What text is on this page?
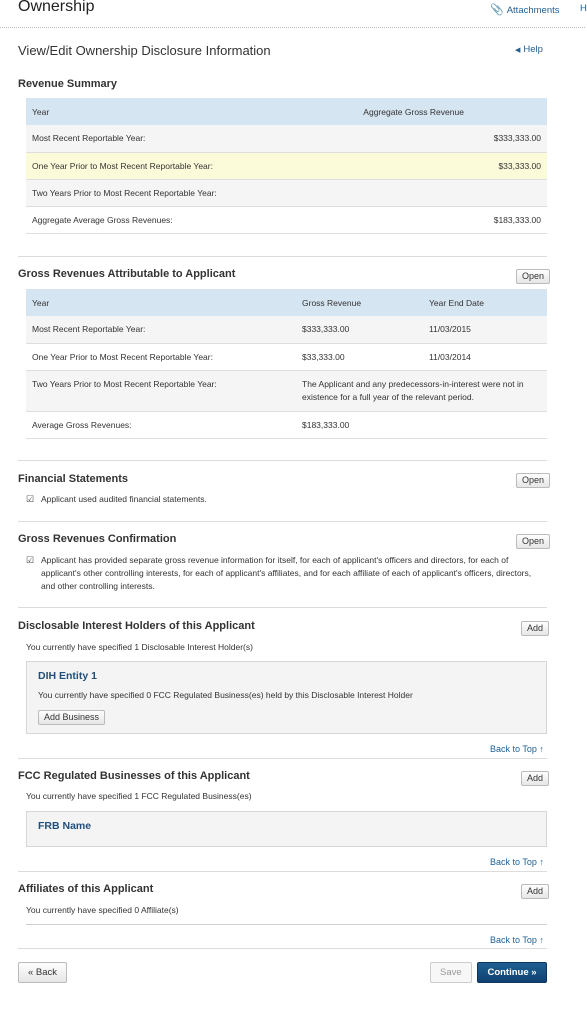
Ownership	📎 Attachments H
View/Edit Ownership Disclosure Information	◀ Help
Revenue Summary
Year	Aggregate Gross Revenue
Most Recent Reportable Year:	$333,333.00
One Year Prior to Most Recent Reportable Year:	$33,333.00
Two Years Prior to Most Recent Reportable Year:	
Aggregate Average Gross Revenues:	$183,333.00
Gross Revenues Attributable to Applicant	Open
Year	Gross Revenue	Year End Date
Most Recent Reportable Year:	$333,333.00	11/03/2015
One Year Prior to Most Recent Reportable Year:	$33,333.00	11/03/2014
Two Years Prior to Most Recent Reportable Year:	The Applicant and any predecessors-in-interest were not in existence for a full year of the relevant period.	
Average Gross Revenues:	$183,333.00	
Financial Statements	Open
☑ Applicant used audited financial statements.
Gross Revenues Confirmation	Open
☑ Applicant has provided separate gross revenue information for itself, for each of applicant's officers and directors, for each of applicant's other controlling interests, for each of applicant's affiliates, and for each affiliate of each of applicant's officers, directors, and other controlling interests.
Disclosable Interest Holders of this Applicant	Add
You currently have specified 1 Disclosable Interest Holder(s)
DIH Entity 1
You currently have specified 0 FCC Regulated Business(es) held by this Disclosable Interest Holder
Add Business
Back to Top ↑
FCC Regulated Businesses of this Applicant	Add
You currently have specified 1 FCC Regulated Business(es)
FRB Name
Back to Top ↑
Affiliates of this Applicant	Add
You currently have specified 0 Affiliate(s)
Back to Top ↑
« Back	Save	Continue »
